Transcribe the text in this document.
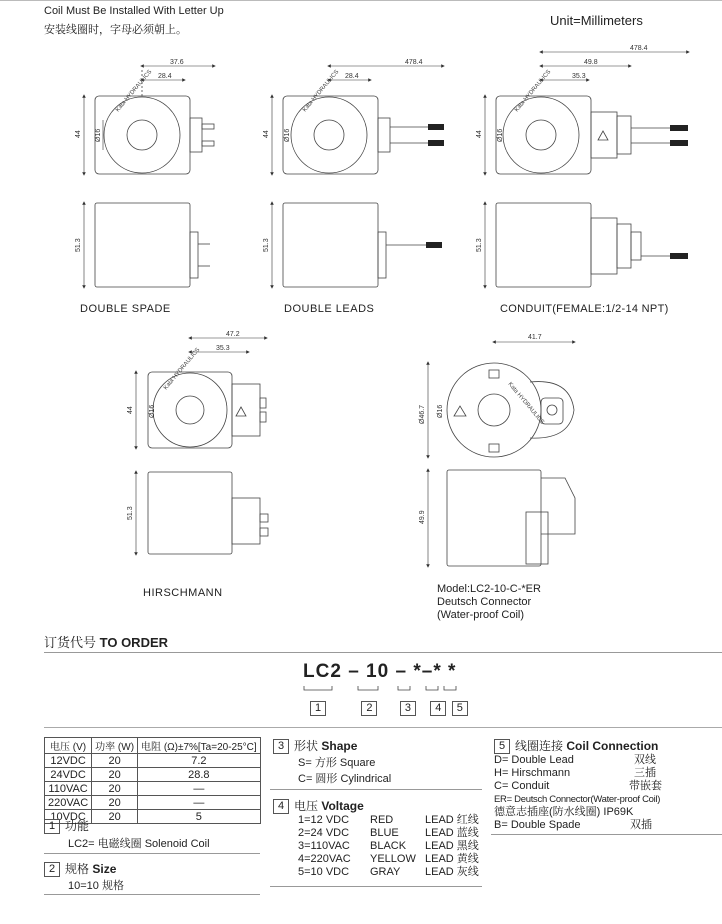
Coil Must Be Installed With Letter Up
安装线圈时，字母必须朝上。
Unit=Millimeters
28.4
37.6
44 Ø16
51.3
DOUBLE SPADE
28.4
478.4
44 Ø16
51.3
DOUBLE LEADS
35.3
49.8
478.4
44 Ø16
51.3
CONDUIT(FEMALE:1/2-14 NPT)
35.3
47.2
44 Ø16
51.3
HIRSCHMANN
41.7
Ø46.7 Ø16
49.9
Model:LC2-10-C-*ER
Deutsch Connector
(Water-proof Coil)
Kata HYDRAULICS	Kata HYDRAULICS	Kata HYDRAULICS
Kata HYDRAULICS
Kata HYDRAULICS
订货代号 TO ORDER
LC2 – 10 – *–* *
1	2	3 4 5
电压 (V)	功率 (W)	电阻 (Ω)±7%[Ta=20-25°C]
12VDC	20	7.2
24VDC	20	28.8
110VAC	20	—
220VAC	20	—
10VDC	20	5
1 功能
LC2= 电磁线圈 Solenoid Coil
2 规格 Size
10=10 规格
3 形状 Shape
S= 方形 Square
C= 圆形 Cylindrical
4 电压 Voltage
1=12 VDC	RED	LEAD 红线
2=24 VDC	BLUE	LEAD 蓝线
3=110VAC	BLACK	LEAD 黑线
4=220VAC	YELLOW LEAD 黄线
5=10 VDC	GRAY	LEAD 灰线
5 线圈连接 Coil Connection
D= Double Lead	双线
H= Hirschmann	三插
C= Conduit	带嵌套
ER= Deutsch Connector(Water-proof Coil)
德意志插座(防水线圈) IP69K
B= Double Spade	双插
